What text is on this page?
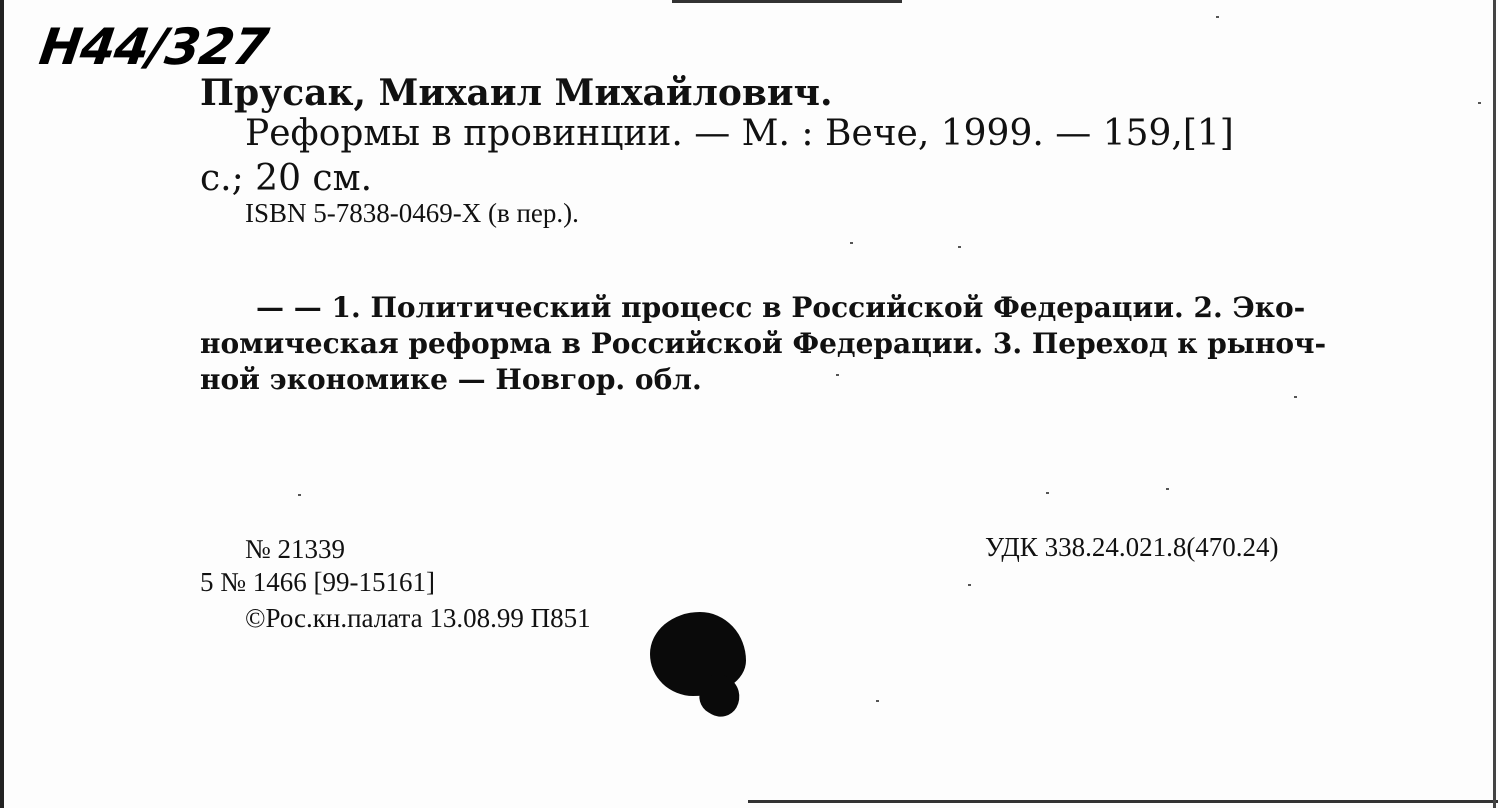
H44/327
Прусак, Михаил Михайлович.
Реформы в провинции. — М. : Вече, 1999. — 159,[1]
с.; 20 см.
ISBN 5-7838-0469-X (в пер.).
— — 1. Политический процесс в Российской Федерации. 2. Эко-
номическая реформа в Российской Федерации. 3. Переход к рыноч-
ной экономике — Новгор. обл.
№ 21339
5 № 1466 [99-15161]
©Рос.кн.палата 13.08.99 П851
УДК 338.24.021.8(470.24)
